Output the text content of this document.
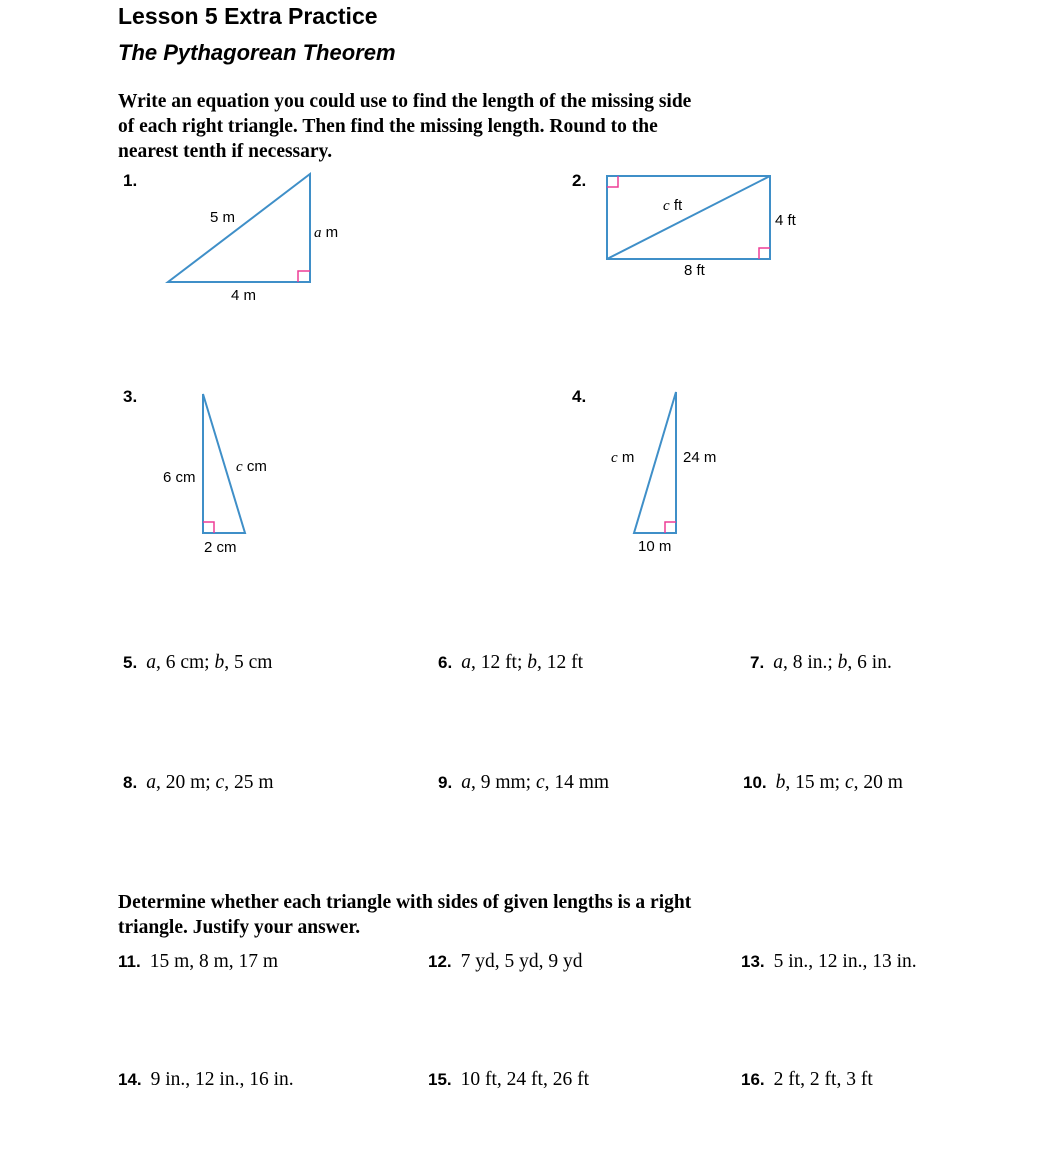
Lesson 5 Extra Practice
The Pythagorean Theorem
Write an equation you could use to find the length of the missing side
of each right triangle. Then find the missing length. Round to the
nearest tenth if necessary.
1.
5 m
a m
4 m
2.
c ft
4 ft
8 ft
3.
6 cm
c cm
2 cm
4.
c m	24 m
10 m
5. a, 6 cm; b, 5 cm	6. a, 12 ft; b, 12 ft	7. a, 8 in.; b, 6 in.
8. a, 20 m; c, 25 m	9. a, 9 mm; c, 14 mm	10. b, 15 m; c, 20 m
Determine whether each triangle with sides of given lengths is a right
triangle. Justify your answer.
11. 15 m, 8 m, 17 m	12. 7 yd, 5 yd, 9 yd	13. 5 in., 12 in., 13 in.
14. 9 in., 12 in., 16 in.	15. 10 ft, 24 ft, 26 ft	16. 2 ft, 2 ft, 3 ft
